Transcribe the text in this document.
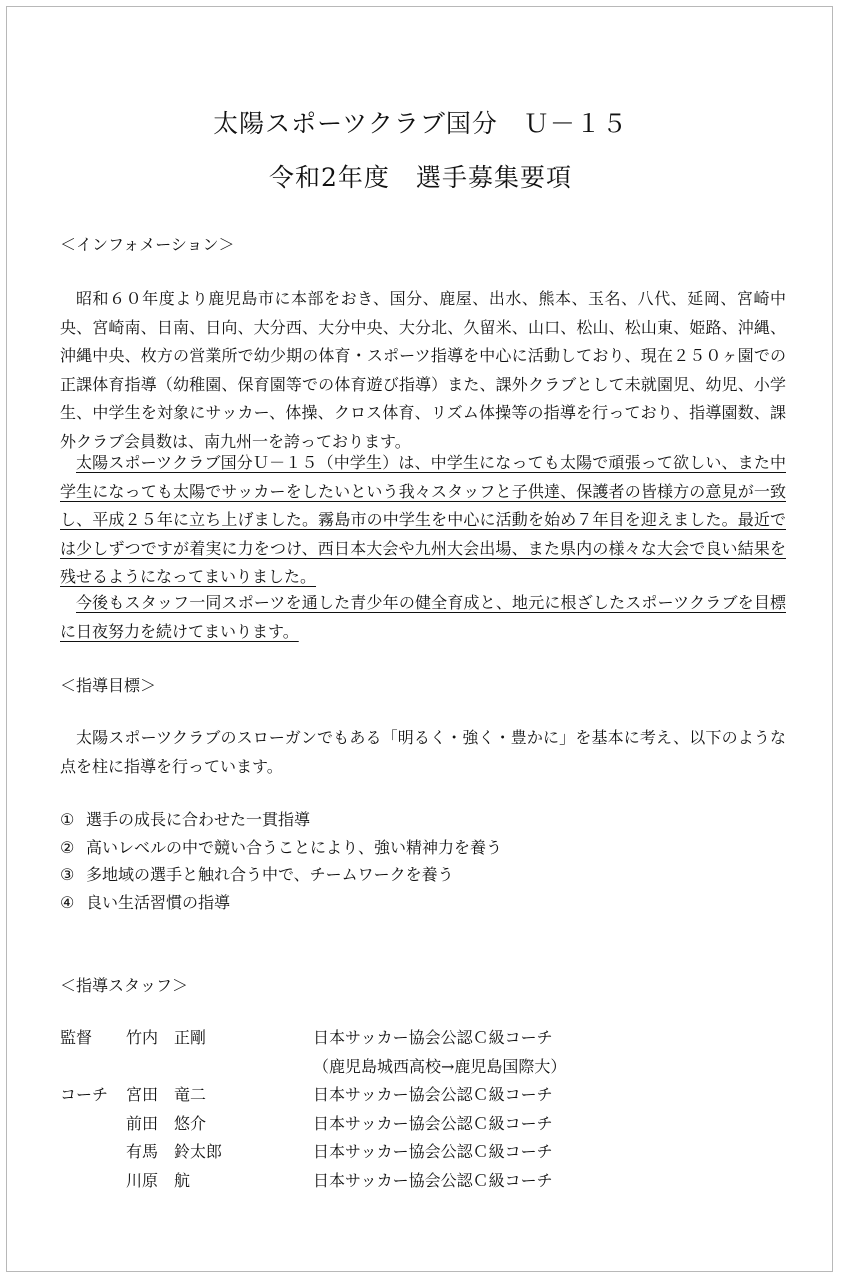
太陽スポーツクラブ国分　Ｕ－１５
令和2年度　選手募集要項
＜インフォメーション＞

昭和６０年度より鹿児島市に本部をおき、国分、鹿屋、出水、熊本、玉名、八代、延岡、宮崎中央、宮崎南、日南、日向、大分西、大分中央、大分北、久留米、山口、松山、松山東、姫路、沖縄、沖縄中央、枚方の営業所で幼少期の体育・スポーツ指導を中心に活動しており、現在２５０ヶ園での正課体育指導（幼稚園、保育園等での体育遊び指導）また、課外クラブとして未就園児、幼児、小学生、中学生を対象にサッカー、体操、クロス体育、リズム体操等の指導を行っており、指導園数、課外クラブ会員数は、南九州一を誇っております。

太陽スポーツクラブ国分Ｕ－１５（中学生）は、中学生になっても太陽で頑張って欲しい、また中学生になっても太陽でサッカーをしたいという我々スタッフと子供達、保護者の皆様方の意見が一致し、平成２５年に立ち上げました。霧島市の中学生を中心に活動を始め７年目を迎えました。最近では少しずつですが着実に力をつけ、西日本大会や九州大会出場、また県内の様々な大会で良い結果を残せるようになってまいりました。

今後もスタッフ一同スポーツを通した青少年の健全育成と、地元に根ざしたスポーツクラブを目標に日夜努力を続けてまいります。

＜指導目標＞

太陽スポーツクラブのスローガンでもある「明るく・強く・豊かに」を基本に考え、以下のような点を柱に指導を行っています。

① 選手の成長に合わせた一貫指導
② 高いレベルの中で競い合うことにより、強い精神力を養う
③ 多地域の選手と触れ合う中で、チームワークを養う
④ 良い生活習慣の指導
＜指導スタッフ＞
監督 竹内　正剛	日本サッカー協会公認Ｃ級コーチ
（鹿児島城西高校→鹿児島国際大）
コーチ 宮田　竜二	日本サッカー協会公認Ｃ級コーチ
前田　悠介	日本サッカー協会公認Ｃ級コーチ
有馬　鈴太郎	日本サッカー協会公認Ｃ級コーチ
川原　航	日本サッカー協会公認Ｃ級コーチ
